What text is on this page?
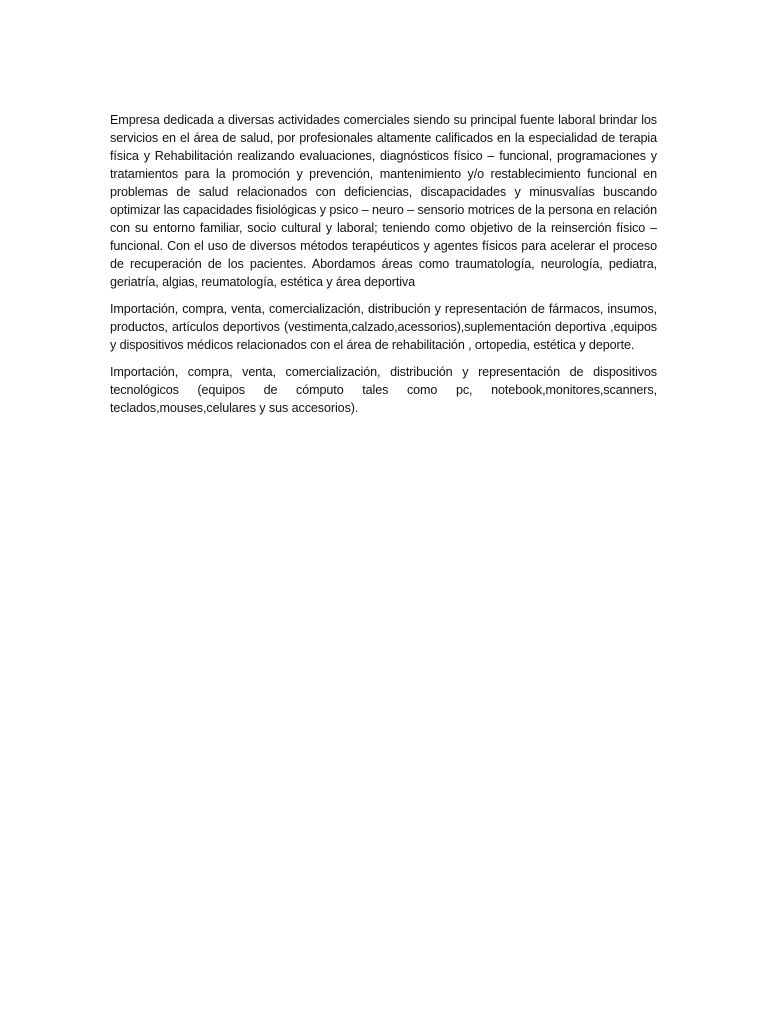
Empresa dedicada a diversas actividades comerciales siendo su principal fuente laboral brindar los servicios en el área de salud, por profesionales altamente calificados en la especialidad de terapia física y Rehabilitación realizando evaluaciones, diagnósticos físico – funcional, programaciones y tratamientos para la promoción y prevención, mantenimiento y/o restablecimiento funcional en problemas de salud relacionados con deficiencias, discapacidades y minusvalías buscando optimizar las capacidades fisiológicas y psico – neuro – sensorio motrices de la persona en relación con su entorno familiar, socio cultural y laboral; teniendo como objetivo de la reinserción físico – funcional. Con el uso de diversos métodos terapéuticos y agentes físicos para acelerar el proceso de recuperación de los pacientes. Abordamos áreas como traumatología, neurología, pediatra, geriatría, algias, reumatología, estética y área deportiva

Importación, compra, venta, comercialización, distribución y representación de fármacos, insumos, productos, artículos deportivos (vestimenta,calzado,acessorios),suplementación deportiva ,equipos y dispositivos médicos relacionados con el área de rehabilitación , ortopedia, estética y deporte.

Importación, compra, venta, comercialización, distribución y representación de dispositivos tecnológicos (equipos de cómputo tales como pc, notebook,monitores,scanners, teclados,mouses,celulares y sus accesorios).
